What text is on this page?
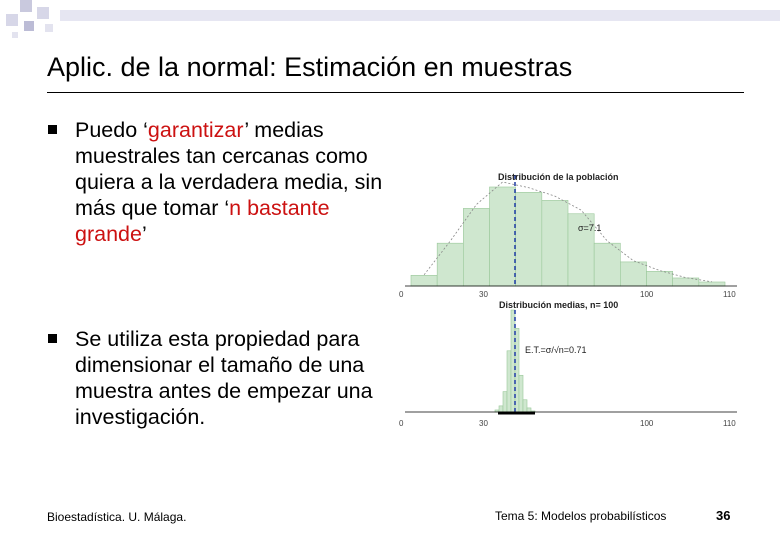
Aplic. de la normal: Estimación en muestras
Puedo ‘garantizar’ medias muestrales tan cercanas como quiera a la verdadera media, sin más que tomar ‘n bastante grande’
Se utiliza esta propiedad para dimensionar el tamaño de una muestra antes de empezar una investigación.
Distribución de la población
σ=7.1
0	30	100	110
Distribución medias, n= 100
E.T.=σ/√n=0.71
0	30	100	110
Bioestadística. U. Málaga.	Tema 5: Modelos probabilísticos	36
